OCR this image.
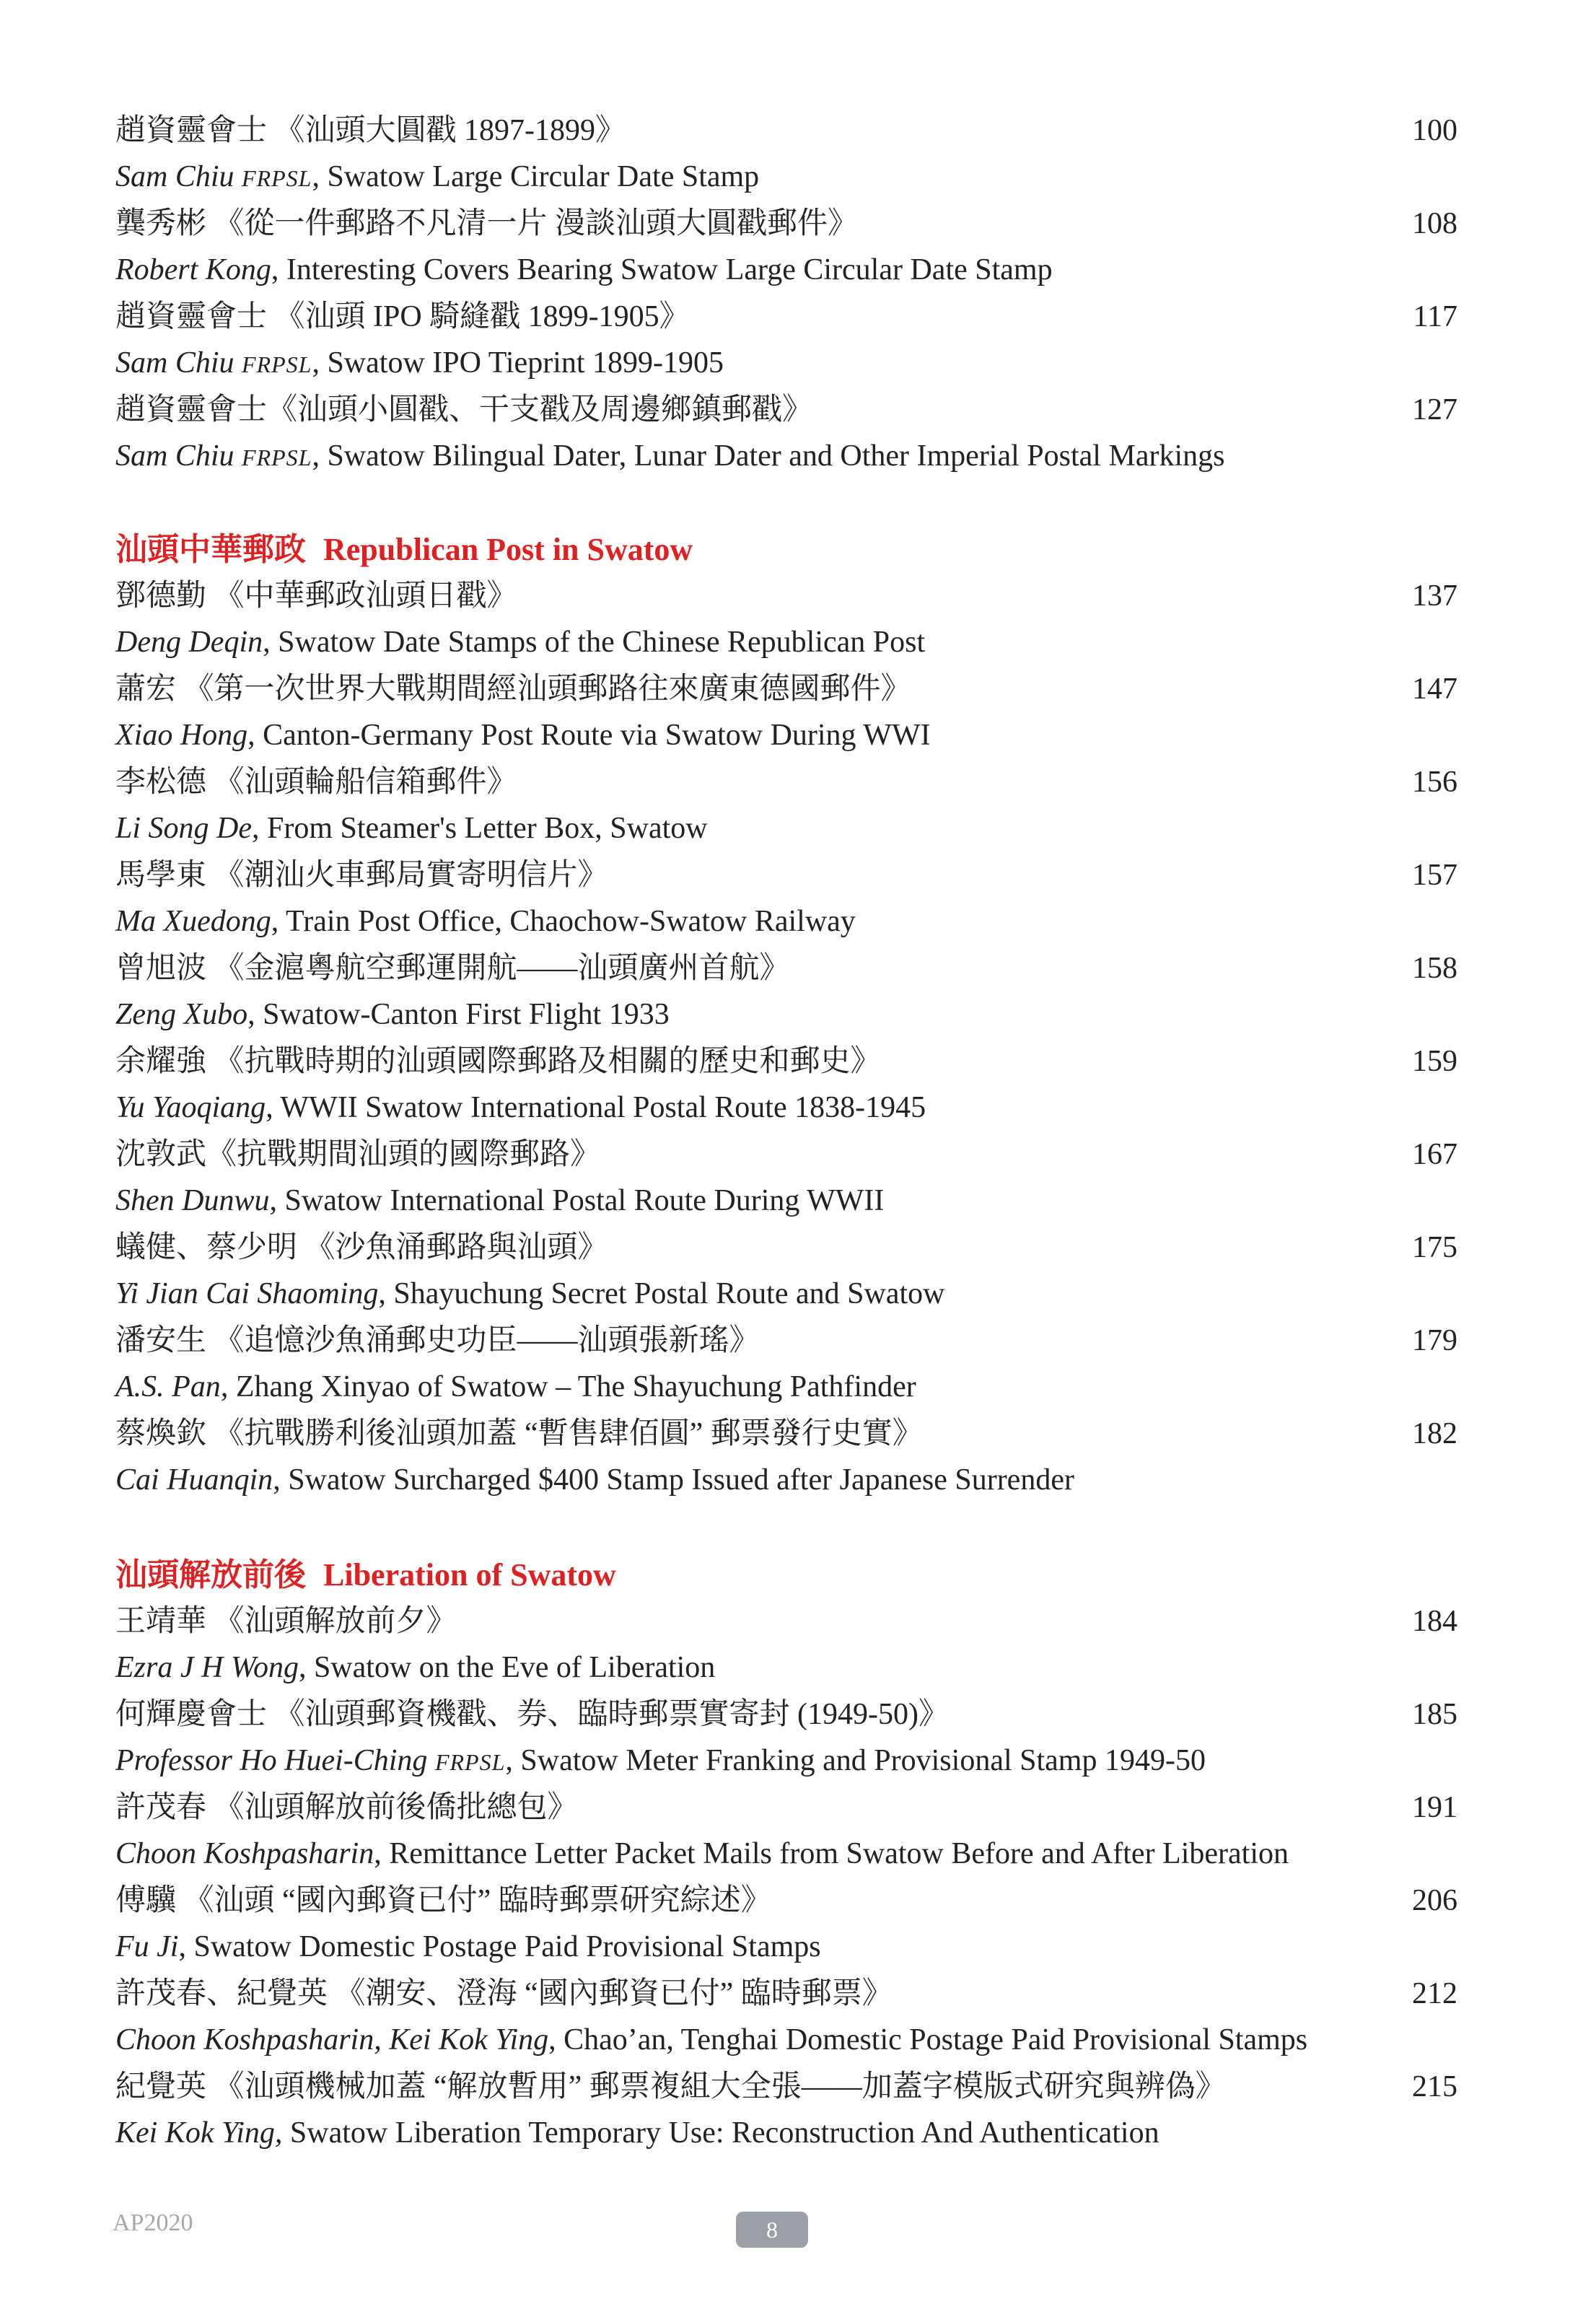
趙資靈會士 《汕頭大圓戳 1897-1899》	100
Sam Chiu FRPSL, Swatow Large Circular Date Stamp
龔秀彬 《從一件郵路不凡清一片 漫談汕頭大圓戳郵件》	108
Robert Kong, Interesting Covers Bearing Swatow Large Circular Date Stamp
趙資靈會士 《汕頭 IPO 騎縫戳 1899-1905》	117
Sam Chiu FRPSL, Swatow IPO Tieprint 1899-1905
趙資靈會士《汕頭小圓戳、干支戳及周邊鄉鎮郵戳》	127
Sam Chiu FRPSL, Swatow Bilingual Dater, Lunar Dater and Other Imperial Postal Markings
汕頭中華郵政 Republican Post in Swatow
鄧德勤 《中華郵政汕頭日戳》	137
Deng Deqin, Swatow Date Stamps of the Chinese Republican Post
蕭宏 《第一次世界大戰期間經汕頭郵路往來廣東德國郵件》	147
Xiao Hong, Canton-Germany Post Route via Swatow During WWI
李松德 《汕頭輪船信箱郵件》	156
Li Song De, From Steamer's Letter Box, Swatow
馬學東 《潮汕火車郵局實寄明信片》	157
Ma Xuedong, Train Post Office, Chaochow-Swatow Railway
曾旭波 《金滬粵航空郵運開航——汕頭廣州首航》	158
Zeng Xubo, Swatow-Canton First Flight 1933
余耀強 《抗戰時期的汕頭國際郵路及相關的歷史和郵史》	159
Yu Yaoqiang, WWII Swatow International Postal Route 1838-1945
沈敦武《抗戰期間汕頭的國際郵路》	167
Shen Dunwu, Swatow International Postal Route During WWII
蟻健、蔡少明 《沙魚涌郵路與汕頭》	175
Yi Jian Cai Shaoming, Shayuchung Secret Postal Route and Swatow
潘安生 《追憶沙魚涌郵史功臣——汕頭張新瑤》	179
A.S. Pan, Zhang Xinyao of Swatow – The Shayuchung Pathfinder
蔡煥欽 《抗戰勝利後汕頭加蓋 “暫售肆佰圓” 郵票發行史實》	182
Cai Huanqin, Swatow Surcharged $400 Stamp Issued after Japanese Surrender
汕頭解放前後 Liberation of Swatow
王靖華 《汕頭解放前夕》	184
Ezra J H Wong, Swatow on the Eve of Liberation
何輝慶會士 《汕頭郵資機戳、券、臨時郵票實寄封 (1949-50)》	185
Professor Ho Huei-Ching FRPSL, Swatow Meter Franking and Provisional Stamp 1949-50
許茂春 《汕頭解放前後僑批總包》	191
Choon Koshpasharin, Remittance Letter Packet Mails from Swatow Before and After Liberation
傅驥 《汕頭 “國內郵資已付” 臨時郵票研究綜述》	206
Fu Ji, Swatow Domestic Postage Paid Provisional Stamps
許茂春、紀覺英 《潮安、澄海 “國內郵資已付” 臨時郵票》	212
Choon Koshpasharin, Kei Kok Ying, Chao’an, Tenghai Domestic Postage Paid Provisional Stamps
紀覺英 《汕頭機械加蓋 “解放暫用” 郵票複組大全張——加蓋字模版式研究與辨偽》	215
Kei Kok Ying, Swatow Liberation Temporary Use: Reconstruction And Authentication
AP2020	8
